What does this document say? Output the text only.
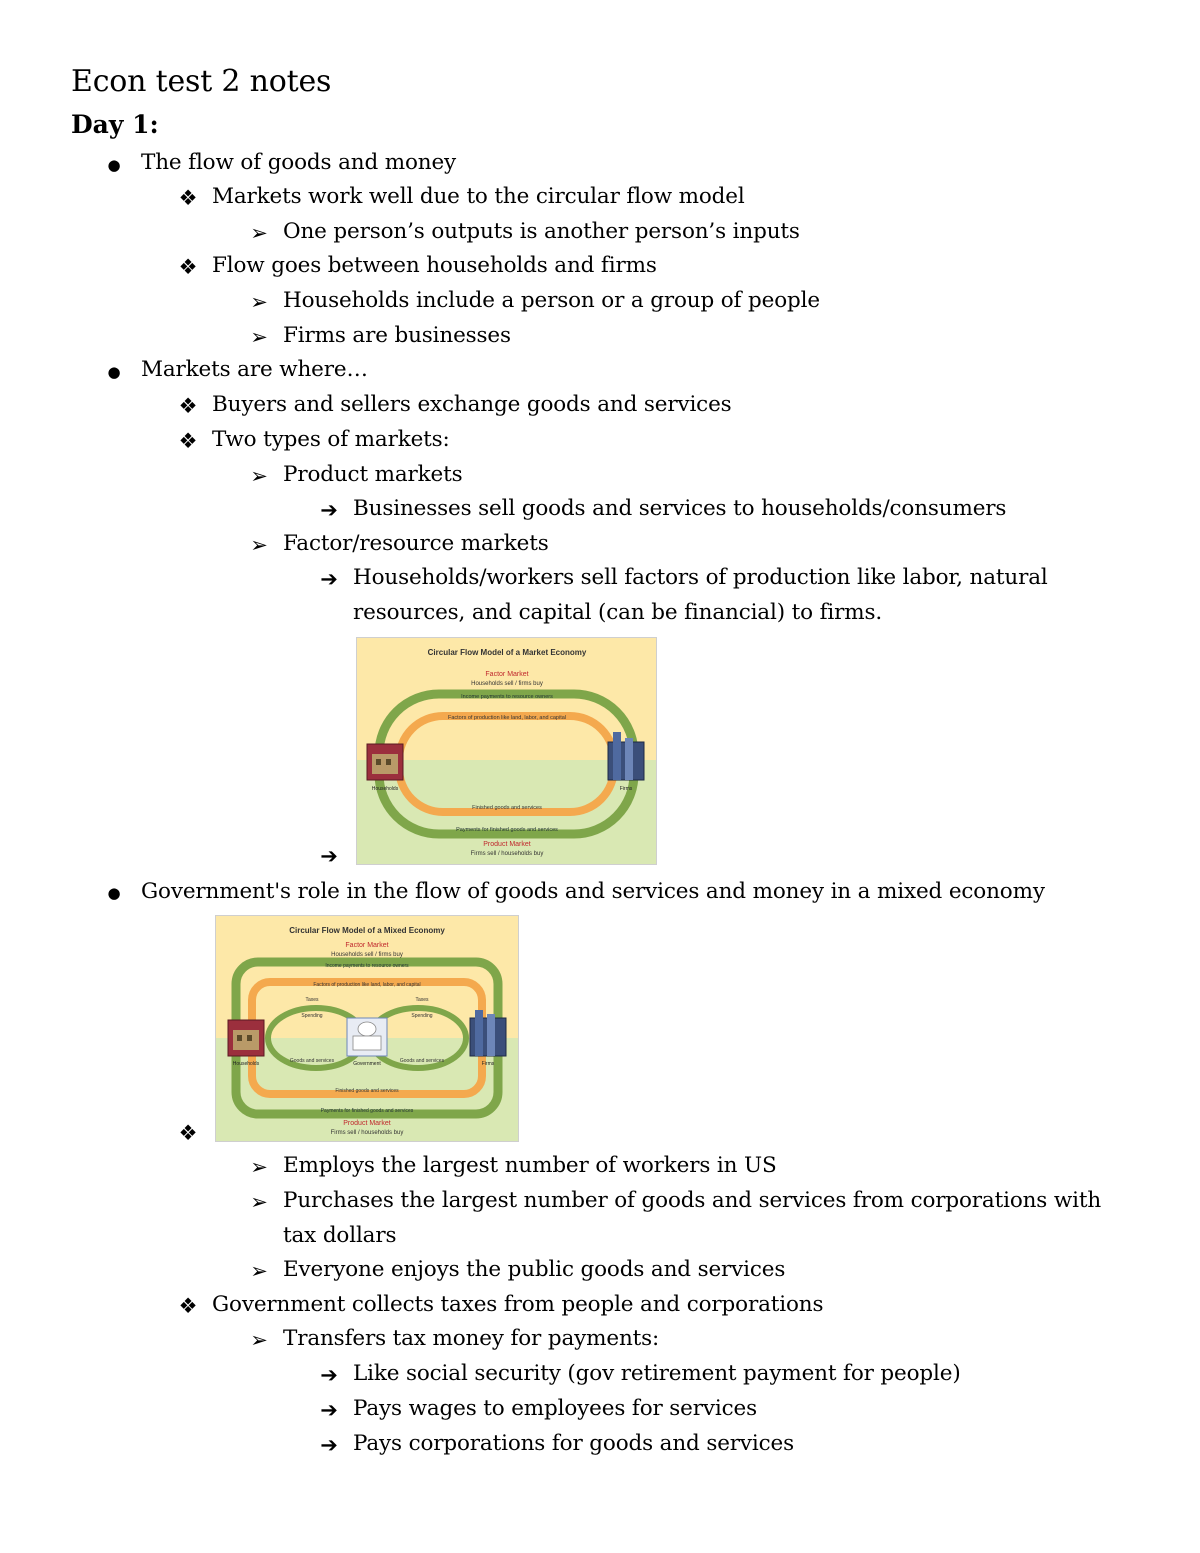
Econ test 2 notes
Day 1:
● The flow of goods and money
❖ Markets work well due to the circular flow model
➢ One person’s outputs is another person’s inputs
❖ Flow goes between households and firms
➢ Households include a person or a group of people
➢ Firms are businesses
● Markets are where…
❖ Buyers and sellers exchange goods and services
❖ Two types of markets:
➢ Product markets
➔ Businesses sell goods and services to households/consumers
➢ Factor/resource markets
➔ Households/workers sell factors of production like labor, natural
resources, and capital (can be financial) to firms.
➔
Circular Flow Model of a Market Economy
Factor Market
Households sell / firms buy
Income payments to resource owners
Factors of production like land, labor, and capital
Finished goods and services
Payments for finished goods and services
Households	Firms
Product Market
Firms sell / households buy
● Government's role in the flow of goods and services and money in a mixed economy
Circular Flow Model of a Mixed Economy
Factor Market
Households sell / firms buy
Income payments to resource owners
Factors of production like land, labor, and capital
Taxes	Taxes
Spending	Spending
Goods and services	Goods and services
Finished goods and services
Payments for finished goods and services
Households	Government	Firms
Product Market
Firms sell / households buy
❖
➢ Employs the largest number of workers in US
➢ Purchases the largest number of goods and services from corporations with
tax dollars
➢ Everyone enjoys the public goods and services
❖ Government collects taxes from people and corporations
➢ Transfers tax money for payments:
➔ Like social security (gov retirement payment for people)
➔ Pays wages to employees for services
➔ Pays corporations for goods and services
